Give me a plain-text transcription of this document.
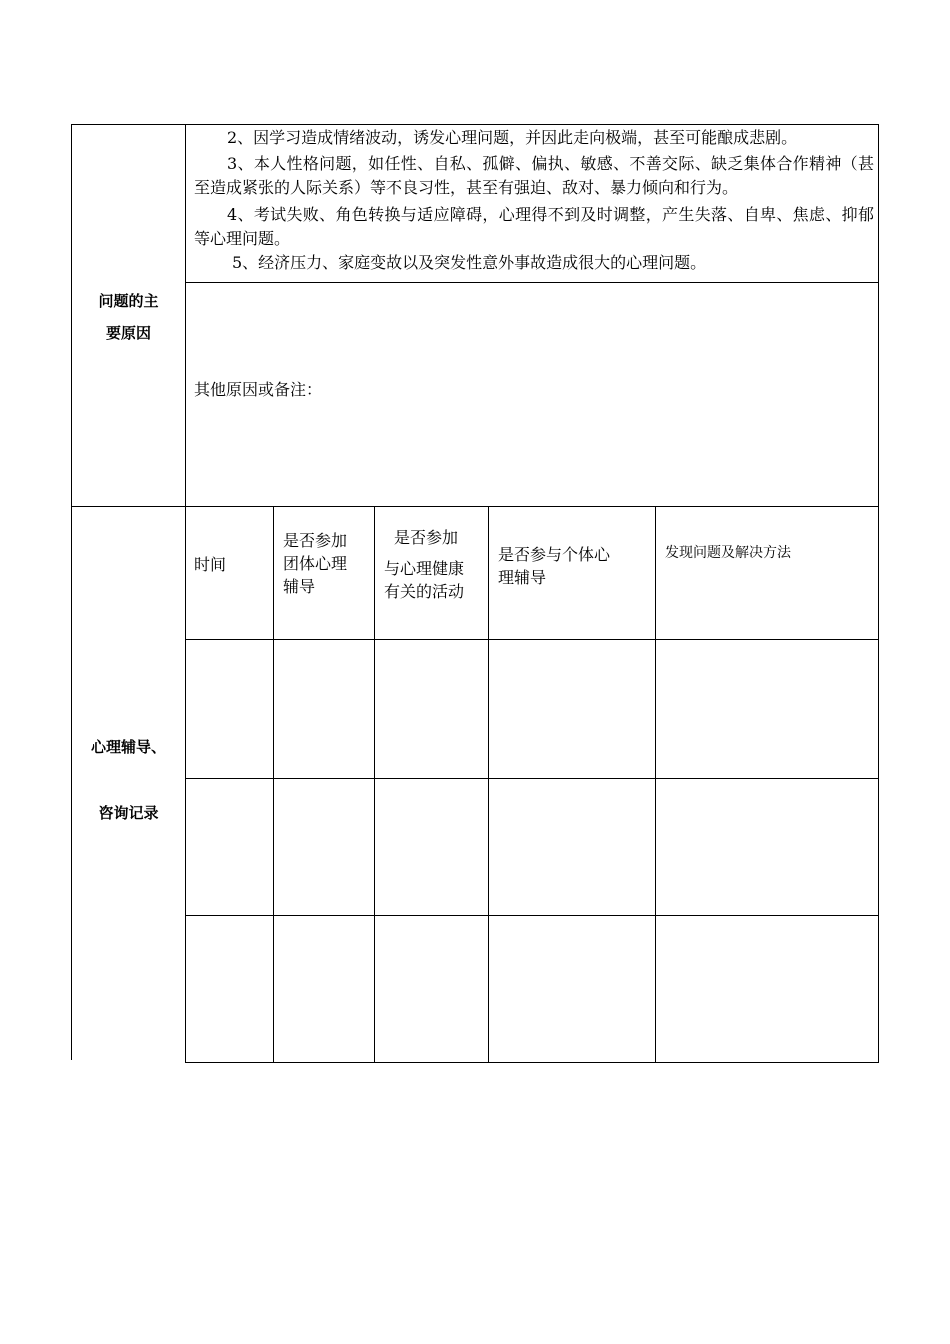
问题的主
要原因
2、因学习造成情绪波动，诱发心理问题，并因此走向极端，甚至可能酿成悲剧。
3、本人性格问题，如任性、自私、孤僻、偏执、敏感、不善交际、缺乏集体合作精神（甚至造成紧张的人际关系）等不良习性，甚至有强迫、敌对、暴力倾向和行为。
4、考试失败、角色转换与适应障碍，心理得不到及时调整，产生失落、自卑、焦虑、抑郁等心理问题。
5、经济压力、家庭变故以及突发性意外事故造成很大的心理问题。
其他原因或备注：
心理辅导、
咨询记录
时间
是否参加
团体心理
辅导
是否参加
与心理健康
有关的活动
是否参与个体心
理辅导
发现问题及解决方法
